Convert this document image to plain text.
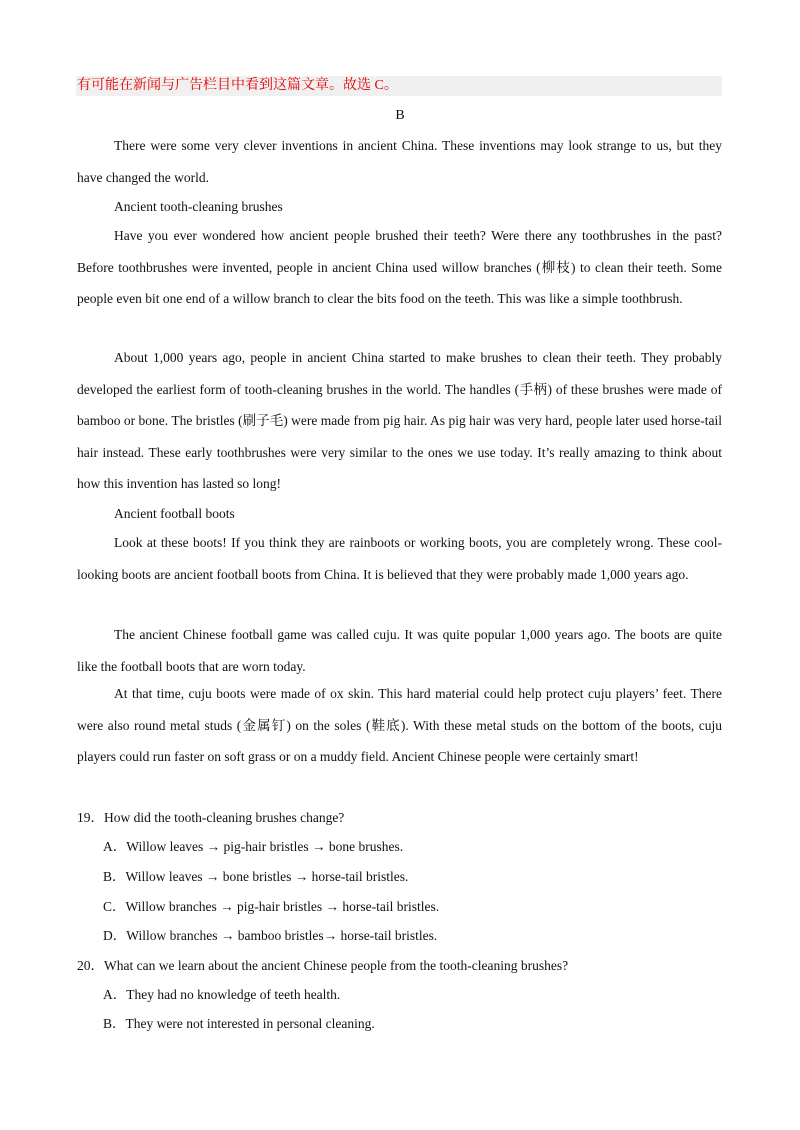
有可能在新闻与广告栏目中看到这篇文章。故选 C。
B

There were some very clever inventions in ancient China. These inventions may look strange to us, but they have changed the world.

Ancient tooth-cleaning brushes

Have you ever wondered how ancient people brushed their teeth? Were there any toothbrushes in the past? Before toothbrushes were invented, people in ancient China used willow branches (柳枝) to clean their teeth. Some people even bit one end of a willow branch to clear the bits food on the teeth. This was like a simple toothbrush.

About 1,000 years ago, people in ancient China started to make brushes to clean their teeth. They probably developed the earliest form of tooth-cleaning brushes in the world. The handles (手柄) of these brushes were made of bamboo or bone. The bristles (刷子毛) were made from pig hair. As pig hair was very hard, people later used horse-tail hair instead. These early toothbrushes were very similar to the ones we use today. It’s really amazing to think about how this invention has lasted so long!

Ancient football boots

Look at these boots! If you think they are rainboots or working boots, you are completely wrong. These cool-looking boots are ancient football boots from China. It is believed that they were probably made 1,000 years ago.

The ancient Chinese football game was called cuju. It was quite popular 1,000 years ago. The boots are quite like the football boots that are worn today.

At that time, cuju boots were made of ox skin. This hard material could help protect cuju players’ feet. There were also round metal studs (金属钉) on the soles (鞋底). With these metal studs on the bottom of the boots, cuju players could run faster on soft grass or on a muddy field. Ancient Chinese people were certainly smart!

19．How did the tooth-cleaning brushes change?
A．Willow leaves → pig-hair bristles → bone brushes.
B．Willow leaves → bone bristles → horse-tail bristles.
C．Willow branches → pig-hair bristles → horse-tail bristles.
D．Willow branches → bamboo bristles→ horse-tail bristles.
20．What can we learn about the ancient Chinese people from the tooth-cleaning brushes?
A．They had no knowledge of teeth health.
B．They were not interested in personal cleaning.
